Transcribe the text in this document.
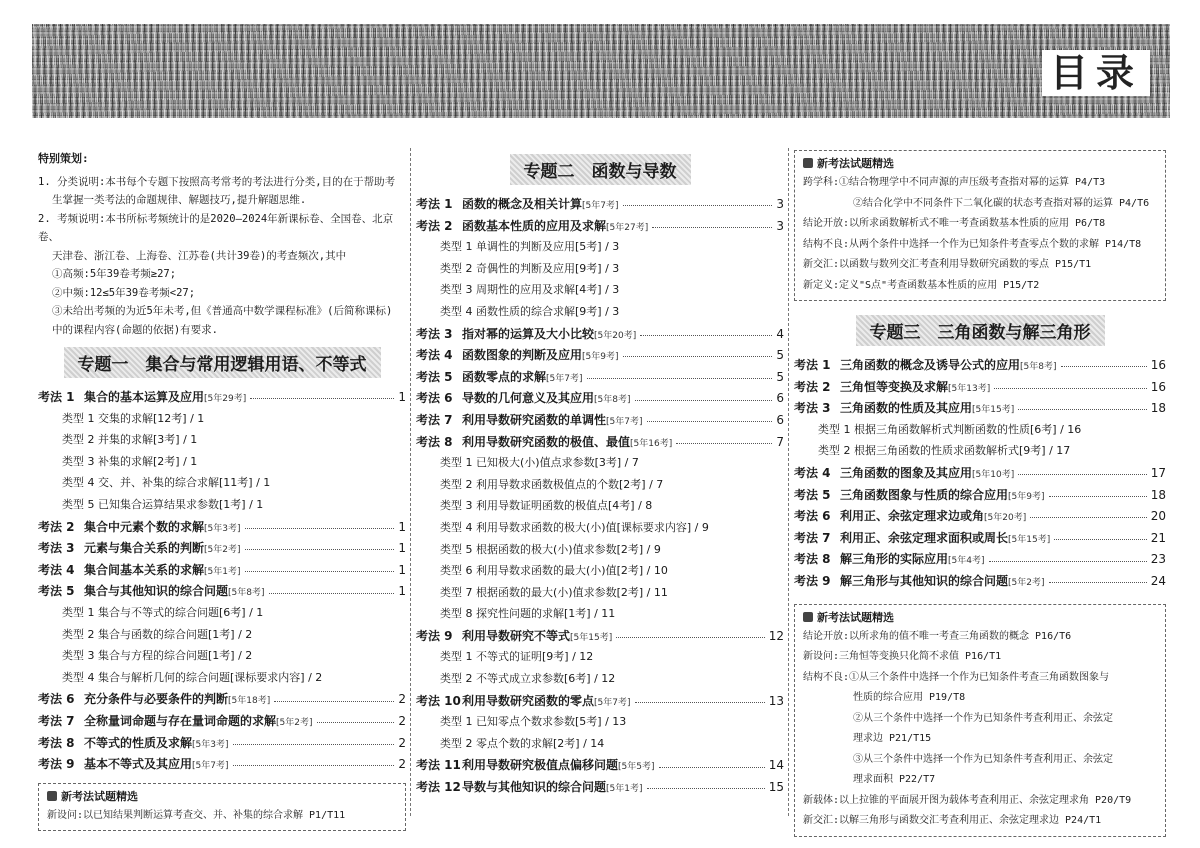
目录
特别策划:

1. 分类说明:本书每个专题下按照高考常考的考法进行分类,目的在于帮助考

生掌握一类考法的命题规律、解题技巧,提升解题思维.

2. 考频说明:本书所标考频统计的是2020—2024年新课标卷、全国卷、北京卷、

天津卷、浙江卷、上海卷、江苏卷(共计39卷)的考查频次,其中

①高频:5年39卷考频≥27;

②中频:12≤5年39卷考频<27;

③未给出考频的为近5年未考,但《普通高中数学课程标准》(后简称课标)

中的课程内容(命题的依据)有要求.

专题一　集合与常用逻辑用语、不等式
考法 1 集合的基本运算及应用 [5年29考]	1
类型 1 交集的求解[12考] / 1
类型 2 并集的求解[3考] / 1
类型 3 补集的求解[2考] / 1
类型 4 交、并、补集的综合求解[11考] / 1
类型 5 已知集合运算结果求参数[1考] / 1
考法 2 集合中元素个数的求解 [5年3考]	1
考法 3 元素与集合关系的判断 [5年2考]	1
考法 4 集合间基本关系的求解 [5年1考]	1
考法 5 集合与其他知识的综合问题 [5年8考]	1
类型 1 集合与不等式的综合问题[6考] / 1
类型 2 集合与函数的综合问题[1考] / 2
类型 3 集合与方程的综合问题[1考] / 2
类型 4 集合与解析几何的综合问题[课标要求内容] / 2
考法 6 充分条件与必要条件的判断 [5年18考]	2
考法 7 全称量词命题与存在量词命题的求解 [5年2考]	2
考法 8 不等式的性质及求解 [5年3考]	2
考法 9 基本不等式及其应用 [5年7考]	2
新考法试题精选

新设问:以已知结果判断运算考查交、并、补集的综合求解 P1/T11

专题二　函数与导数
考法 1 函数的概念及相关计算 [5年7考]	3
考法 2 函数基本性质的应用及求解 [5年27考]	3
类型 1 单调性的判断及应用[5考] / 3
类型 2 奇偶性的判断及应用[9考] / 3
类型 3 周期性的应用及求解[4考] / 3
类型 4 函数性质的综合求解[9考] / 3
考法 3 指对幂的运算及大小比较 [5年20考]	4
考法 4 函数图象的判断及应用 [5年9考]	5
考法 5 函数零点的求解 [5年7考]	5
考法 6 导数的几何意义及其应用 [5年8考]	6
考法 7 利用导数研究函数的单调性 [5年7考]	6
考法 8 利用导数研究函数的极值、最值 [5年16考]	7
类型 1 已知极大(小)值点求参数[3考] / 7
类型 2 利用导数求函数极值点的个数[2考] / 7
类型 3 利用导数证明函数的极值点[4考] / 8
类型 4 利用导数求函数的极大(小)值[课标要求内容] / 9
类型 5 根据函数的极大(小)值求参数[2考] / 9
类型 6 利用导数求函数的最大(小)值[2考] / 10
类型 7 根据函数的最大(小)值求参数[2考] / 11
类型 8 探究性问题的求解[1考] / 11
考法 9 利用导数研究不等式 [5年15考]	12
类型 1 不等式的证明[9考] / 12
类型 2 不等式成立求参数[6考] / 12
考法 10 利用导数研究函数的零点 [5年7考]	13
类型 1 已知零点个数求参数[5考] / 13
类型 2 零点个数的求解[2考] / 14
考法 11 利用导数研究极值点偏移问题 [5年5考]	14
考法 12 导数与其他知识的综合问题 [5年1考]	15
新考法试题精选

跨学科:①结合物理学中不同声源的声压级考查指对幂的运算 P4/T3

②结合化学中不同条件下二氧化碳的状态考查指对幂的运算 P4/T6

结论开放:以所求函数解析式不唯一考查函数基本性质的应用 P6/T8

结构不良:从两个条件中选择一个作为已知条件考查零点个数的求解 P14/T8

新交汇:以函数与数列交汇考查利用导数研究函数的零点 P15/T1

新定义:定义"S点"考查函数基本性质的应用 P15/T2

专题三　三角函数与解三角形
考法 1 三角函数的概念及诱导公式的应用 [5年8考]	16
考法 2 三角恒等变换及求解 [5年13考]	16
考法 3 三角函数的性质及其应用 [5年15考]	18
类型 1 根据三角函数解析式判断函数的性质[6考] / 16
类型 2 根据三角函数的性质求函数解析式[9考] / 17
考法 4 三角函数的图象及其应用 [5年10考]	17
考法 5 三角函数图象与性质的综合应用 [5年9考]	18
考法 6 利用正、余弦定理求边或角 [5年20考]	20
考法 7 利用正、余弦定理求面积或周长 [5年15考]	21
考法 8 解三角形的实际应用 [5年4考]	23
考法 9 解三角形与其他知识的综合问题 [5年2考]	24
新考法试题精选

结论开放:以所求角的值不唯一考查三角函数的概念 P16/T6

新设问:三角恒等变换只化简不求值 P16/T1

结构不良:①从三个条件中选择一个作为已知条件考查三角函数图象与

性质的综合应用 P19/T8

②从三个条件中选择一个作为已知条件考查利用正、余弦定

理求边 P21/T15

③从三个条件中选择一个作为已知条件考查利用正、余弦定

理求面积 P22/T7

新载体:以上拉锥的平面展开图为载体考查利用正、余弦定理求角 P20/T9

新交汇:以解三角形与函数交汇考查利用正、余弦定理求边 P24/T1
